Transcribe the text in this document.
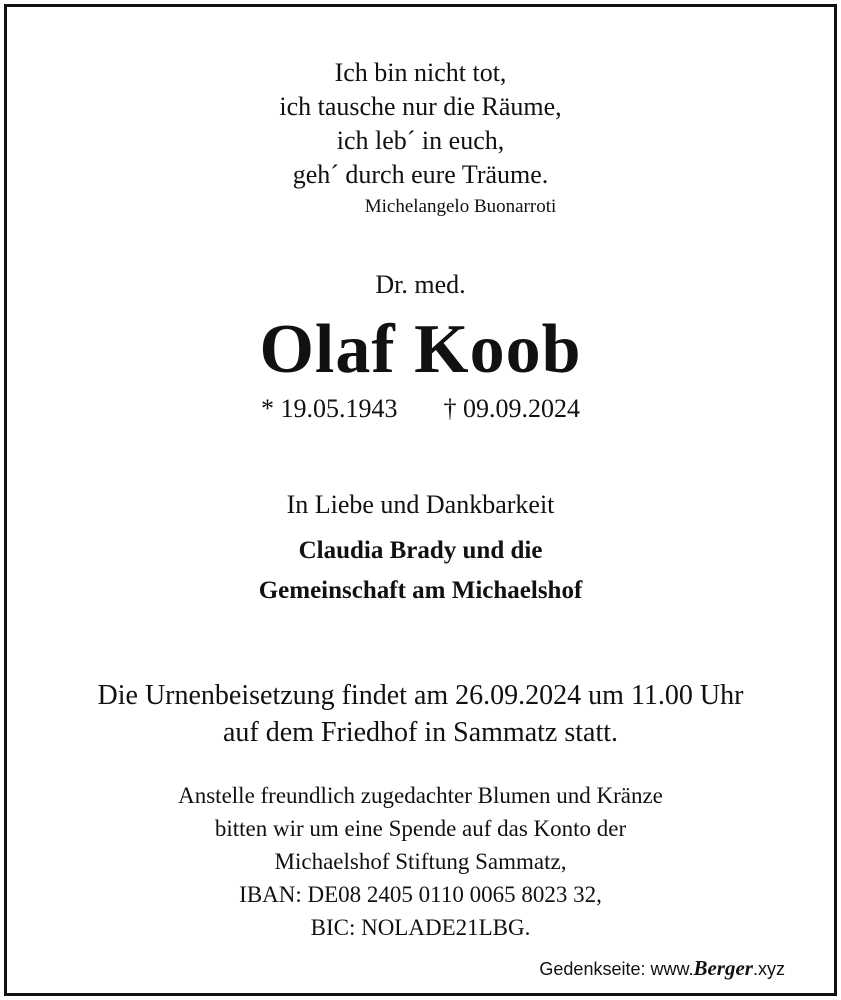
Ich bin nicht tot,
ich tausche nur die Räume,
ich leb´ in euch,
geh´ durch eure Träume.
Michelangelo Buonarroti
Dr. med.
Olaf Koob
* 19.05.1943 † 09.09.2024
In Liebe und Dankbarkeit
Claudia Brady und die
Gemeinschaft am Michaelshof
Die Urnenbeisetzung findet am 26.09.2024 um 11.00 Uhr
auf dem Friedhof in Sammatz statt.
Anstelle freundlich zugedachter Blumen und Kränze
bitten wir um eine Spende auf das Konto der
Michaelshof Stiftung Sammatz,
IBAN: DE08 2405 0110 0065 8023 32,
BIC: NOLADE21LBG.
Gedenkseite: www.Berger.xyz
